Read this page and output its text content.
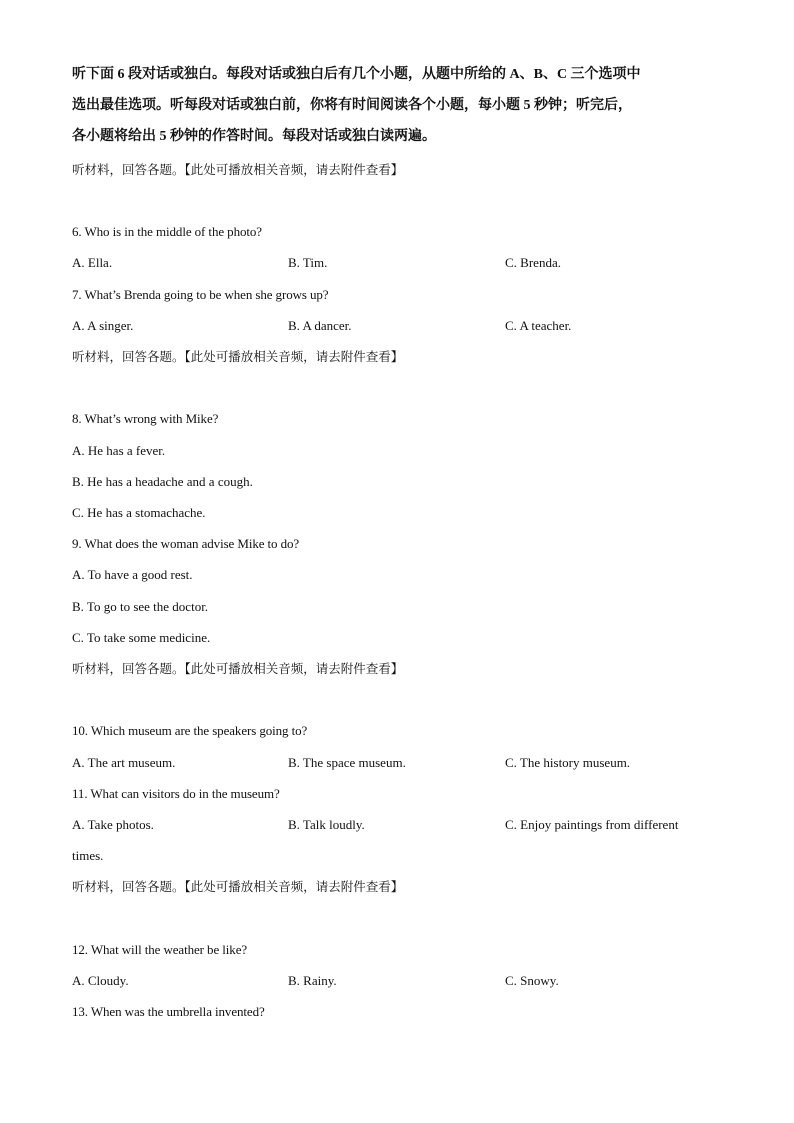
听下面 6 段对话或独白。每段对话或独白后有几个小题，从题中所给的 A、B、C 三个选项中
选出最佳选项。听每段对话或独白前，你将有时间阅读各个小题，每小题 5 秒钟；听完后，
各小题将给出 5 秒钟的作答时间。每段对话或独白读两遍。
听材料，回答各题。【此处可播放相关音频，请去附件查看】
6. Who is in the middle of the photo?
A. Ella.	B. Tim.	C. Brenda.
7. What’s Brenda going to be when she grows up?
A. A singer.	B. A dancer.	C. A teacher.
听材料，回答各题。【此处可播放相关音频，请去附件查看】
8. What’s wrong with Mike?
A. He has a fever.
B. He has a headache and a cough.
C. He has a stomachache.
9. What does the woman advise Mike to do?
A. To have a good rest.
B. To go to see the doctor.
C. To take some medicine.
听材料，回答各题。【此处可播放相关音频，请去附件查看】
10. Which museum are the speakers going to?
A. The art museum.	B. The space museum.	C. The history museum.
11. What can visitors do in the museum?
A. Take photos.	B. Talk loudly.	C. Enjoy paintings from different
times.
听材料，回答各题。【此处可播放相关音频，请去附件查看】
12. What will the weather be like?
A. Cloudy.	B. Rainy.	C. Snowy.
13. When was the umbrella invented?
